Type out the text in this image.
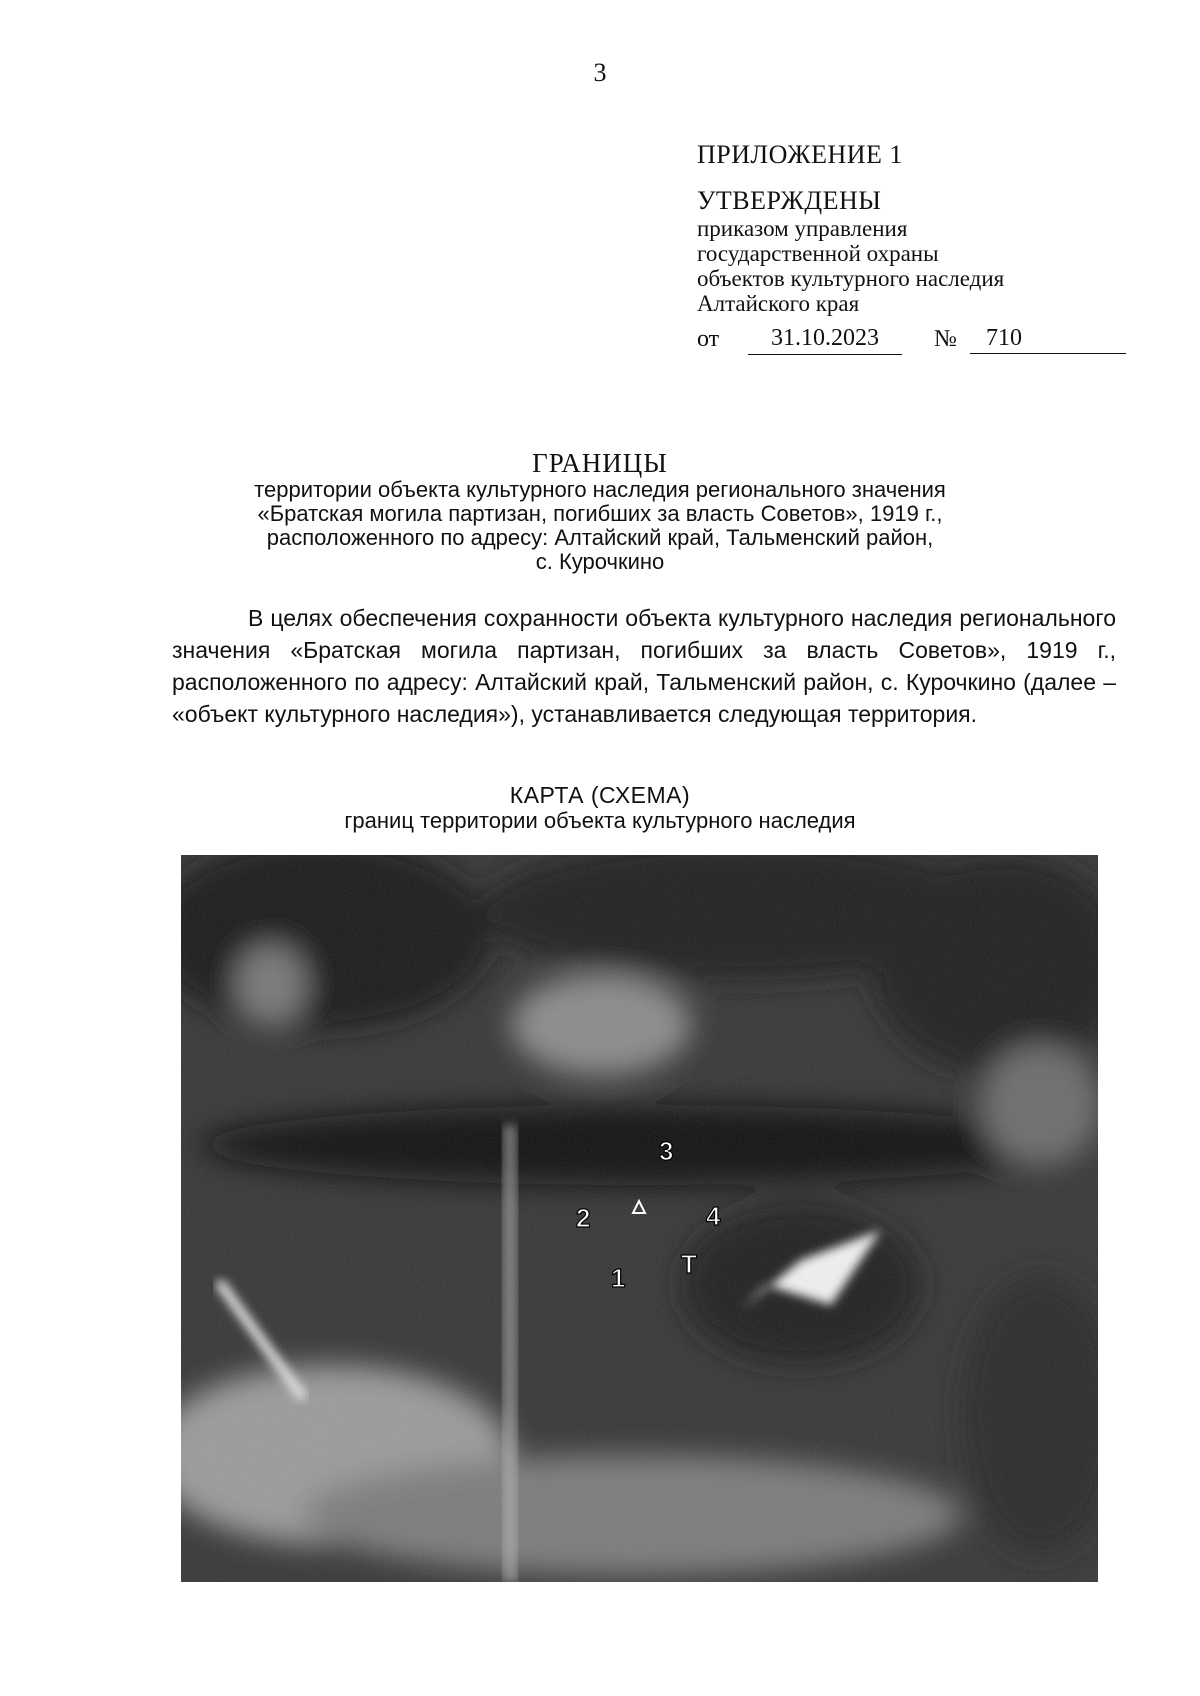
3
ПРИЛОЖЕНИЕ 1
УТВЕРЖДЕНЫ
приказом управления
государственной охраны
объектов культурного наследия
Алтайского края
от	31.10.2023	№	710
ГРАНИЦЫ
территории объекта культурного наследия регионального значения
«Братская могила партизан, погибших за власть Советов», 1919 г.,
расположенного по адресу: Алтайский край, Тальменский район,
с. Курочкино
В целях обеспечения сохранности объекта культурного наследия регионального значения «Братская могила партизан, погибших за власть Советов», 1919 г., расположенного по адресу: Алтайский край, Тальменский район, с. Курочкино (далее – «объект культурного наследия»), устанавливается следующая территория.
КАРТА (СХЕМА)
границ территории объекта культурного наследия
3
2	4
1 Т
